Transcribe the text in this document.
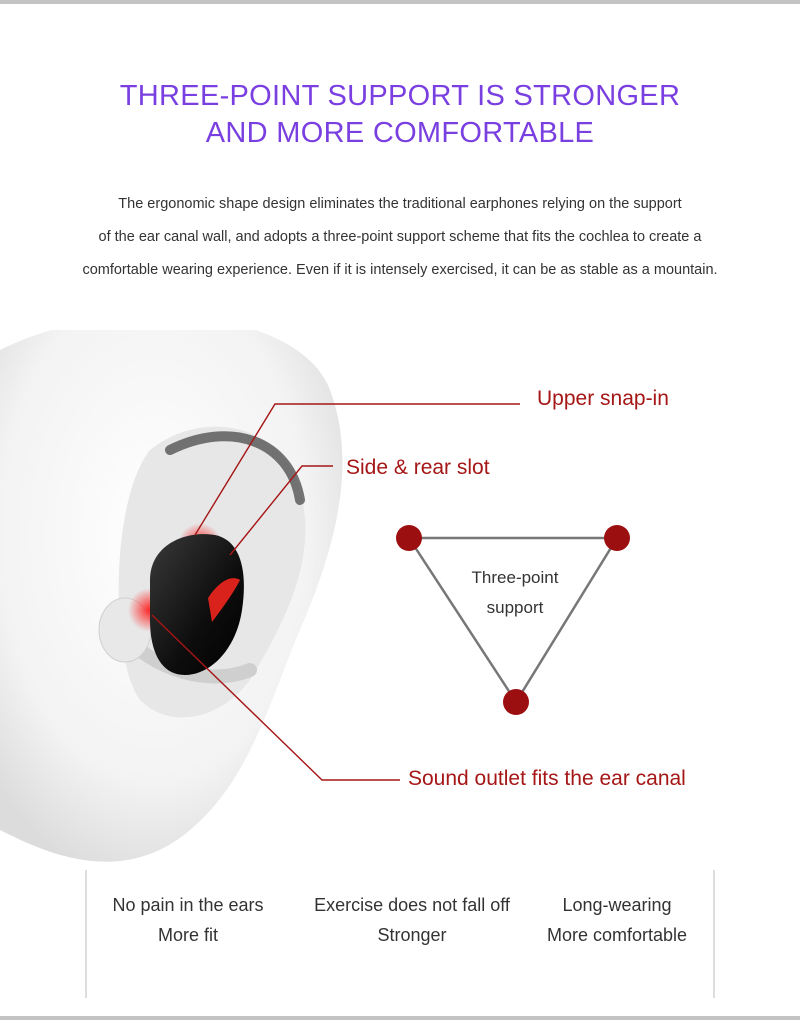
THREE-POINT SUPPORT IS STRONGER
AND MORE COMFORTABLE
The ergonomic shape design eliminates the traditional earphones relying on the support
of the ear canal wall, and adopts a three-point support scheme that fits the cochlea to create a
comfortable wearing experience. Even if it is intensely exercised, it can be as stable as a mountain.
Upper snap-in
Side & rear slot
Sound outlet fits the ear canal
Three-point
support
No pain in the ears
More fit
Exercise does not fall off
Stronger
Long-wearing
More comfortable
